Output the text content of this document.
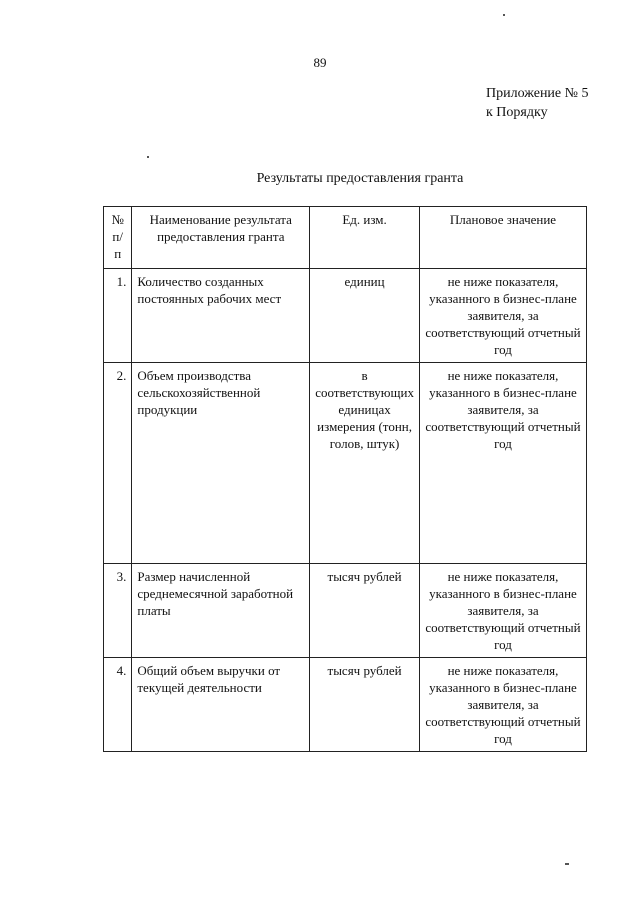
89
Приложение № 5
к Порядку
Результаты предоставления гранта
№ п/п	Наименование результата предоставления гранта	Ед. изм.	Плановое значение
1.	Количество созданных постоянных рабочих мест	единиц	не ниже показателя, указанного в бизнес-плане заявителя, за соответствующий отчетный год
2.	Объем производства сельскохозяйственной продукции	в соответствующих единицах измерения (тонн, голов, штук)	не ниже показателя, указанного в бизнес-плане заявителя, за соответствующий отчетный год
3.	Размер начисленной среднемесячной заработной платы	тысяч рублей	не ниже показателя, указанного в бизнес-плане заявителя, за соответствующий отчетный год
4.	Общий объем выручки от текущей деятельности	тысяч рублей	не ниже показателя, указанного в бизнес-плане заявителя, за соответствующий отчетный год
